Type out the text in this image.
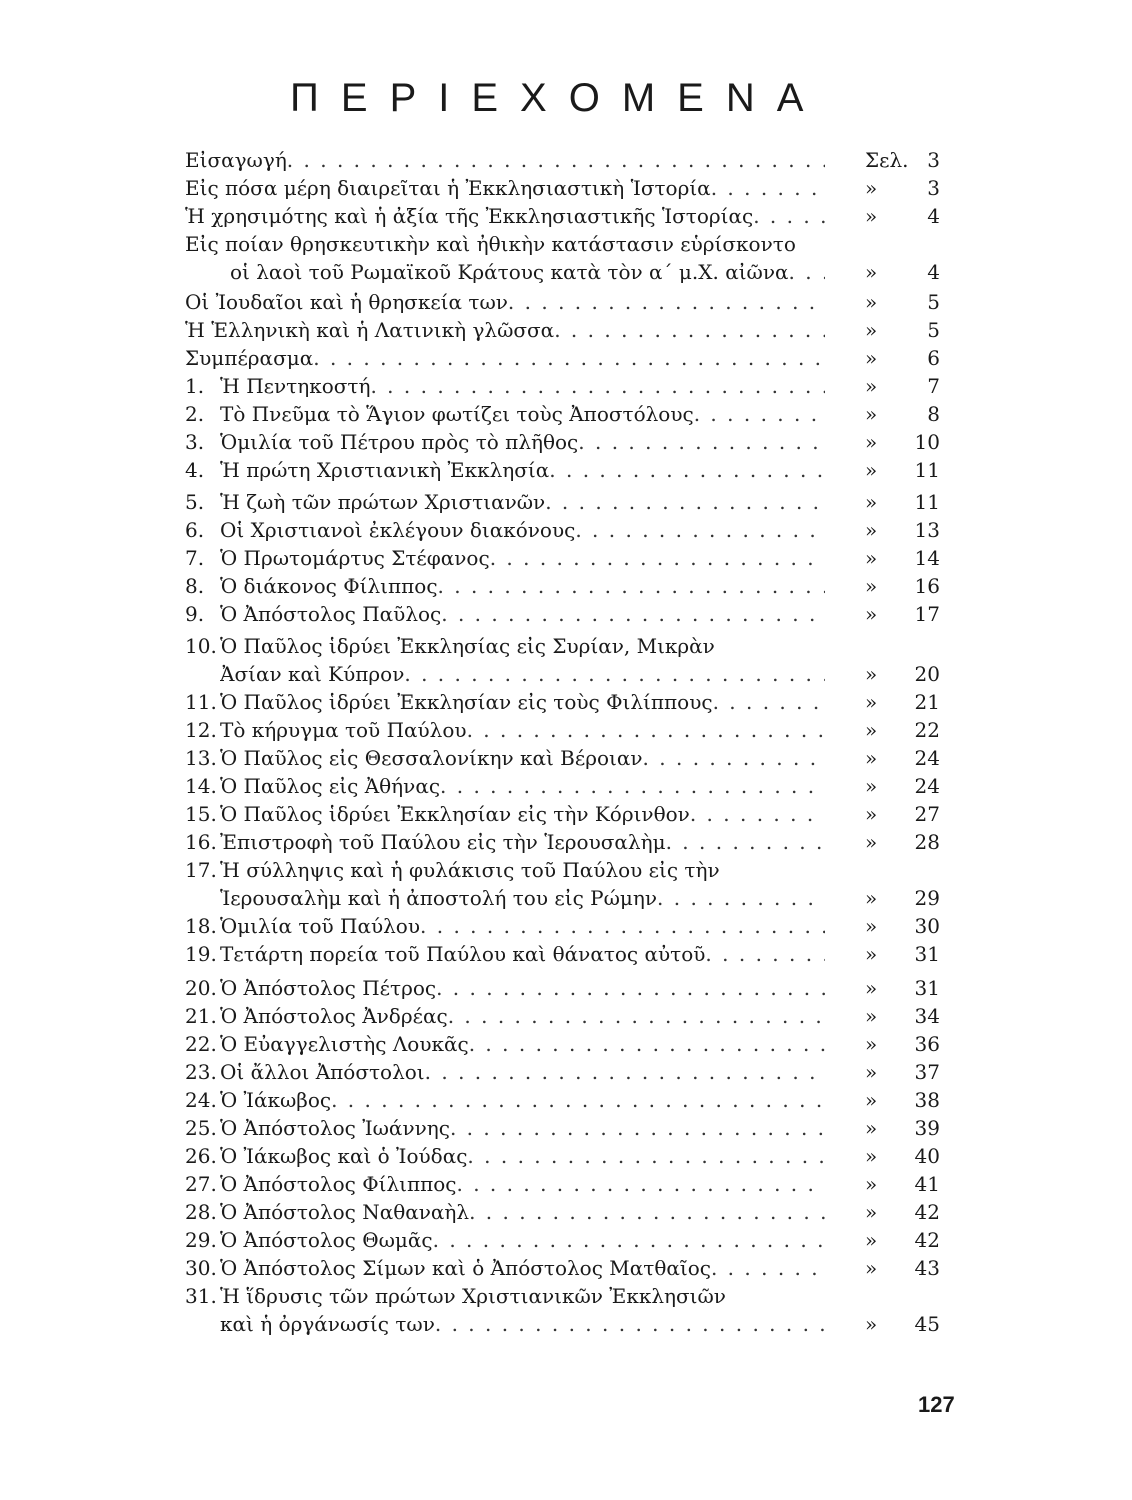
ΠΕΡΙΕΧΟΜΕΝΑ
Εἰσαγωγή . . .	Σελ. 3
Εἰς πόσα μέρη διαιρεῖται ἡ Ἐκκλησιαστικὴ Ἱστορία . . .	»	3
Ἡ χρησιμότης καὶ ἡ ἀξία τῆς Ἐκκλησιαστικῆς Ἱστορίας . . .	»	4
Εἰς ποίαν θρησκευτικὴν καὶ ἠθικὴν κατάστασιν εὑρίσκοντο
οἱ λαοὶ τοῦ Ρωμαϊκοῦ Κράτους κατὰ τὸν α΄ μ.Χ. αἰῶνα . . .	»	4
Οἱ Ἰουδαῖοι καὶ ἡ θρησκεία των . . .	»	5
Ἡ Ἑλληνικὴ καὶ ἡ Λατινικὴ γλῶσσα . . .	»	5
Συμπέρασμα . . .	»	6
1. Ἡ Πεντηκοστή . . .	»	7
2. Τὸ Πνεῦμα τὸ Ἅγιον φωτίζει τοὺς Ἀποστόλους . . .	»	8
3. Ὁμιλία τοῦ Πέτρου πρὸς τὸ πλῆθος . . .	»	10
4. Ἡ πρώτη Χριστιανικὴ Ἐκκλησία . . .	»	11
5. Ἡ ζωὴ τῶν πρώτων Χριστιανῶν . . .	»	11
6. Οἱ Χριστιανοὶ ἐκλέγουν διακόνους . . .	»	13
7. Ὁ Πρωτομάρτυς Στέφανος . . .	»	14
8. Ὁ διάκονος Φίλιππος . . .	»	16
9. Ὁ Ἀπόστολος Παῦλος . . .	»	17
10. Ὁ Παῦλος ἱδρύει Ἐκκλησίας εἰς Συρίαν, Μικρὰν
Ἀσίαν καὶ Κύπρον . . .	»	20
11. Ὁ Παῦλος ἱδρύει Ἐκκλησίαν εἰς τοὺς Φιλίππους . . .	»	21
12. Τὸ κήρυγμα τοῦ Παύλου . . .	»	22
13. Ὁ Παῦλος εἰς Θεσσαλονίκην καὶ Βέροιαν . . .	»	24
14. Ὁ Παῦλος εἰς Ἀθήνας . . .	»	24
15. Ὁ Παῦλος ἱδρύει Ἐκκλησίαν εἰς τὴν Κόρινθον . . .	»	27
16. Ἐπιστροφὴ τοῦ Παύλου εἰς τὴν Ἱερουσαλὴμ . . .	»	28
17. Ἡ σύλληψις καὶ ἡ φυλάκισις τοῦ Παύλου εἰς τὴν
Ἱερουσαλὴμ καὶ ἡ ἀποστολή του εἰς Ρώμην . . .	»	29
18. Ὁμιλία τοῦ Παύλου . . .	»	30
19. Τετάρτη πορεία τοῦ Παύλου καὶ θάνατος αὐτοῦ . . .	»	31
20. Ὁ Ἀπόστολος Πέτρος . . .	»	31
21. Ὁ Ἀπόστολος Ἀνδρέας . . .	»	34
22. Ὁ Εὐαγγελιστὴς Λουκᾶς . . .	»	36
23. Οἱ ἄλλοι Ἀπόστολοι . . .	»	37
24. Ὁ Ἰάκωβος . . .	»	38
25. Ὁ Ἀπόστολος Ἰωάννης . . .	»	39
26. Ὁ Ἰάκωβος καὶ ὁ Ἰούδας . . .	»	40
27. Ὁ Ἀπόστολος Φίλιππος . . .	»	41
28. Ὁ Ἀπόστολος Ναθαναὴλ . . .	»	42
29. Ὁ Ἀπόστολος Θωμᾶς . . .	»	42
30. Ὁ Ἀπόστολος Σίμων καὶ ὁ Ἀπόστολος Ματθαῖος . . .	»	43
31. Ἡ ἵδρυσις τῶν πρώτων Χριστιανικῶν Ἐκκλησιῶν
καὶ ἡ ὀργάνωσίς των . . .	»	45
127
